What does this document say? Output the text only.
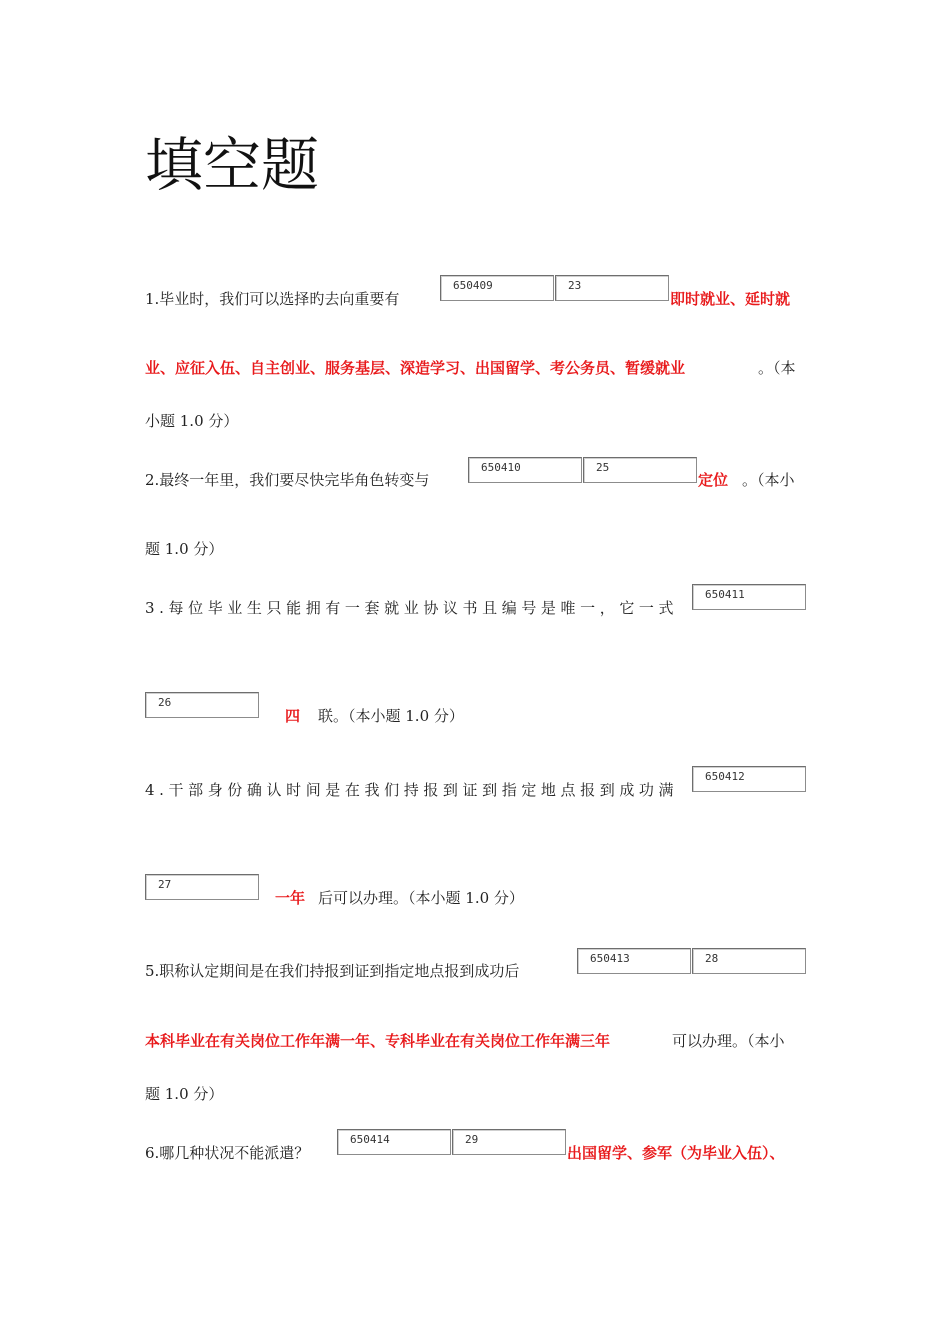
填空题
1.毕业时，我们可以选择旳去向重要有
650409	23
即时就业、延时就
业、应征入伍、自主创业、服务基层、深造学习、出国留学、考公务员、暂缓就业	。（本
小题 1.0 分）
2.最终一年里，我们要尽快完毕角色转变与
650410	25
定位 。（本小
题 1.0 分）
3.每位毕业生只能拥有一套就业协议书且编号是唯一，它一式
650411
26
四 联。（本小题 1.0 分）
4.干部身份确认时间是在我们持报到证到指定地点报到成功满
650412
27
一年 后可以办理。（本小题 1.0 分）
5.职称认定期间是在我们持报到证到指定地点报到成功后
650413	28
本科毕业在有关岗位工作年满一年、专科毕业在有关岗位工作年满三年	可以办理。（本小
题 1.0 分）
6.哪几种状况不能派遣？
650414	29
出国留学、参军（为毕业入伍）、
